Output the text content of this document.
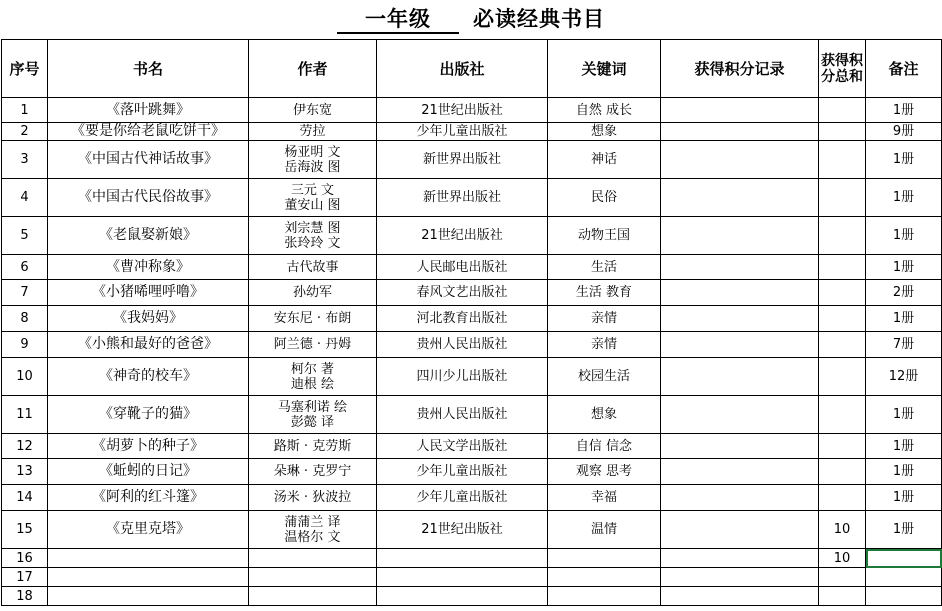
一年级 必读经典书目
序号	书名	作者	出版社	关键词	获得积分记录	获得积分总和	备注
1	《落叶跳舞》	伊东宽	21世纪出版社	自然 成长			1册
2	《要是你给老鼠吃饼干》	劳拉	少年儿童出版社	想象			9册
3	《中国古代神话故事》	杨亚明 文
岳海波 图	新世界出版社	神话			1册
4	《中国古代民俗故事》	三元 文
董安山 图	新世界出版社	民俗			1册
5	《老鼠娶新娘》	刘宗慧 图
张玲玲 文	21世纪出版社	动物王国			1册
6	《曹冲称象》	古代故事	人民邮电出版社	生活			1册
7	《小猪唏哩呼噜》	孙幼军	春风文艺出版社	生活 教育			2册
8	《我妈妈》	安东尼 · 布朗	河北教育出版社	亲情			1册
9	《小熊和最好的爸爸》	阿兰德 · 丹姆	贵州人民出版社	亲情			7册
10	《神奇的校车》	柯尔 著
迪根 绘	四川少儿出版社	校园生活			12册
11	《穿靴子的猫》	马塞利诺 绘
彭懿 译	贵州人民出版社	想象			1册
12	《胡萝卜的种子》	路斯 · 克劳斯	人民文学出版社	自信 信念			1册
13	《蚯蚓的日记》	朵琳 · 克罗宁	少年儿童出版社	观察 思考			1册
14	《阿利的红斗篷》	汤米 · 狄波拉	少年儿童出版社	幸福			1册
15	《克里克塔》	蒲蒲兰 译
温格尔 文	21世纪出版社	温情		10	1册
16						10	
17							
18							
